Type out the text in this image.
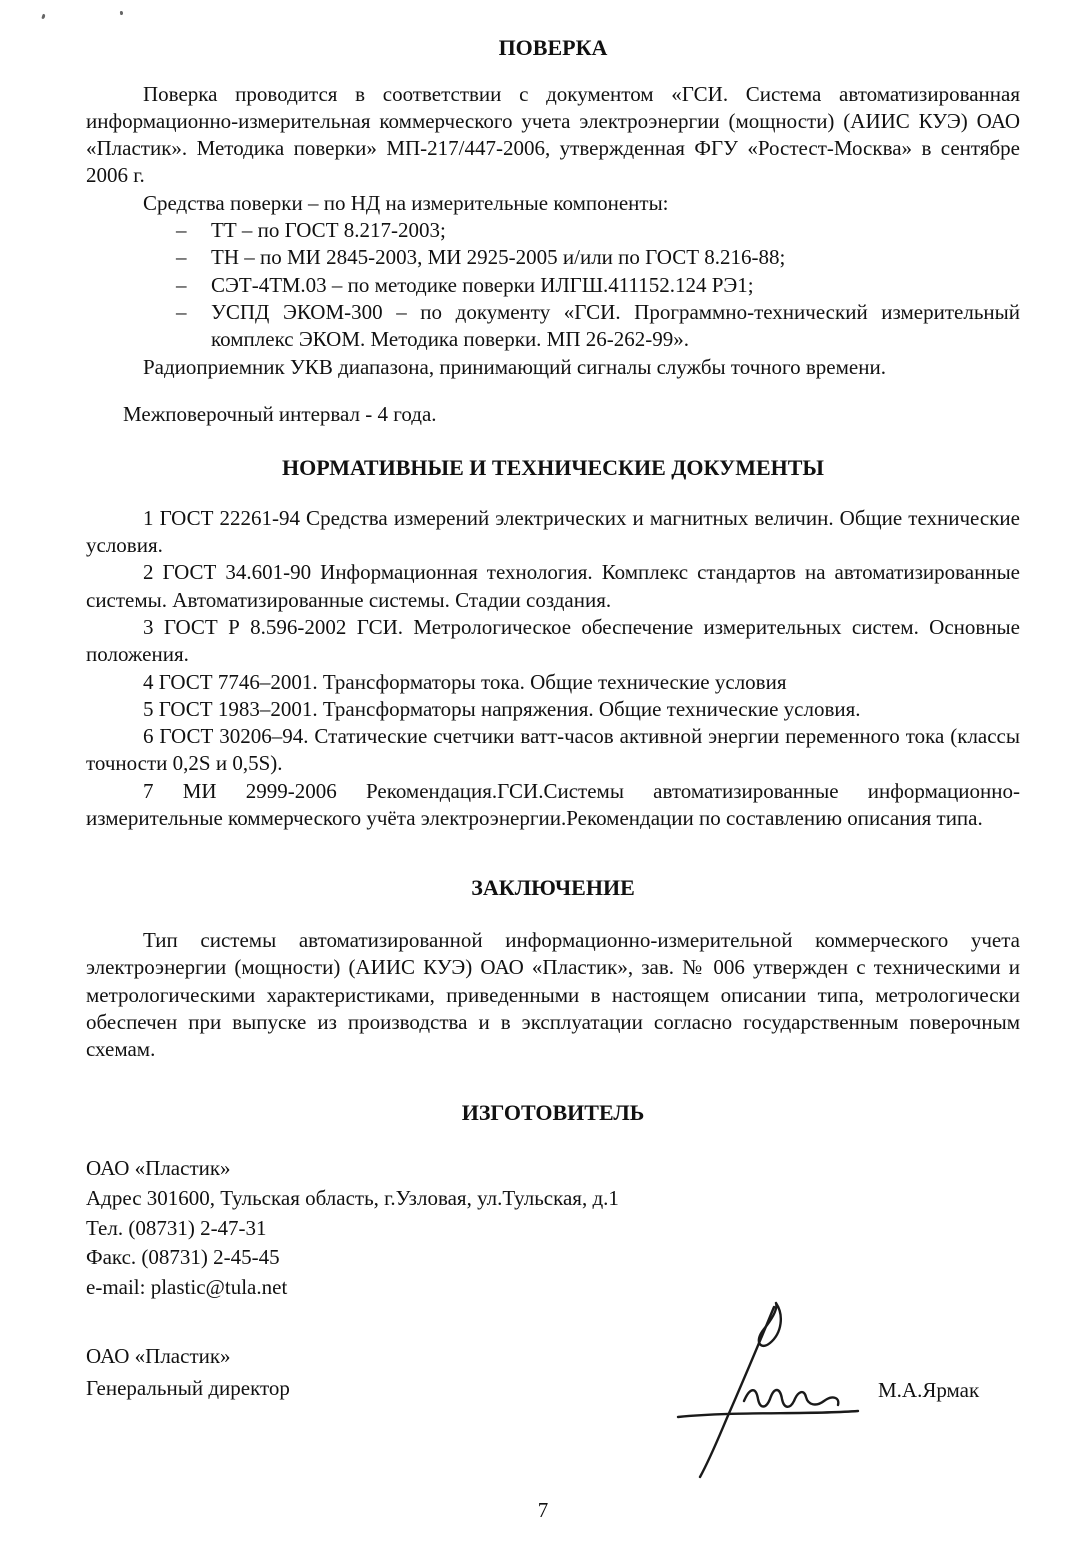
ПОВЕРКА

Поверка проводится в соответствии с документом «ГСИ. Система автоматизированная информационно-измерительная коммерческого учета электроэнергии (мощности) (АИИС КУЭ) ОАО «Пластик». Методика поверки» МП-217/447-2006, утвержденная ФГУ «Ростест-Москва» в сентябре 2006 г.

Средства поверки – по НД на измерительные компоненты:

– ТТ – по ГОСТ 8.217-2003;
– ТН – по МИ 2845-2003, МИ 2925-2005 и/или по ГОСТ 8.216-88;
– СЭТ-4ТМ.03 – по методике поверки ИЛГШ.411152.124 РЭ1;
– УСПД ЭКОМ-300 – по документу «ГСИ. Программно-технический измерительный комплекс ЭКОМ. Методика поверки. МП 26-262-99».

Радиоприемник УКВ диапазона, принимающий сигналы службы точного времени.

Межповерочный интервал - 4 года.

НОРМАТИВНЫЕ И ТЕХНИЧЕСКИЕ ДОКУМЕНТЫ

1 ГОСТ 22261-94 Средства измерений электрических и магнитных величин. Общие технические условия.

2 ГОСТ 34.601-90 Информационная технология. Комплекс стандартов на автоматизированные системы. Автоматизированные системы. Стадии создания.

3 ГОСТ Р 8.596-2002 ГСИ. Метрологическое обеспечение измерительных систем. Основные положения.

4 ГОСТ 7746–2001. Трансформаторы тока. Общие технические условия

5 ГОСТ 1983–2001. Трансформаторы напряжения. Общие технические условия.

6 ГОСТ 30206–94. Статические счетчики ватт-часов активной энергии переменного тока (классы точности 0,2S и 0,5S).

7 МИ 2999-2006 Рекомендация.ГСИ.Системы автоматизированные информационно-измерительные коммерческого учёта электроэнергии.Рекомендации по составлению описания типа.

ЗАКЛЮЧЕНИЕ

Тип системы автоматизированной информационно-измерительной коммерческого учета электроэнергии (мощности) (АИИС КУЭ) ОАО «Пластик», зав. № 006 утвержден с техническими и метрологическими характеристиками, приведенными в настоящем описании типа, метрологически обеспечен при выпуске из производства и в эксплуатации согласно государственным поверочным схемам.

ИЗГОТОВИТЕЛЬ
ОАО «Пластик»
Адрес 301600, Тульская область, г.Узловая, ул.Тульская, д.1
Тел. (08731) 2-47-31
Факс. (08731) 2-45-45
e-mail: plastic@tula.net
ОАО «Пластик»
Генеральный директор	М.А.Ярмак
7
